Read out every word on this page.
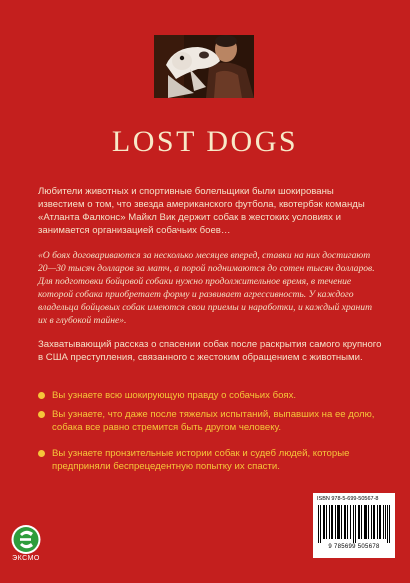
LOST DOGS

Любители животных и спортивные болельщики были шокированы известием о том, что звезда американского футбола, квотербэк команды «Атланта Фалконс» Майкл Вик держит собак в жестоких условиях и занимается организацией собачьих боев…

«О боях договариваются за несколько месяцев вперед, ставки на них достигают 20—30 тысяч долларов за матч, а порой поднимаются до сотен тысяч долларов. Для подготовки бойцовой собаки нужно продолжительное время, в течение которой собака приобретает форму и развивает агрессивность. У каждого владельца бойцовых собак имеются свои приемы и наработки, и каждый хранит их в глубокой тайне».

Захватывающий рассказ о спасении собак после раскрытия самого крупного в США преступления, связанного с жестоким обращением с животными.

Вы узнаете всю шокирующую правду о собачьих боях.
Вы узнаете, что даже после тяжелых испытаний, выпавших на ее долю, собака все равно стремится быть другом человеку.
Вы узнаете пронзительные истории собак и судеб людей, которые предприняли беспрецедентную попытку их спасти.
ЭКСМО
ISBN 978-5-699-50567-8
9 785699 505678
